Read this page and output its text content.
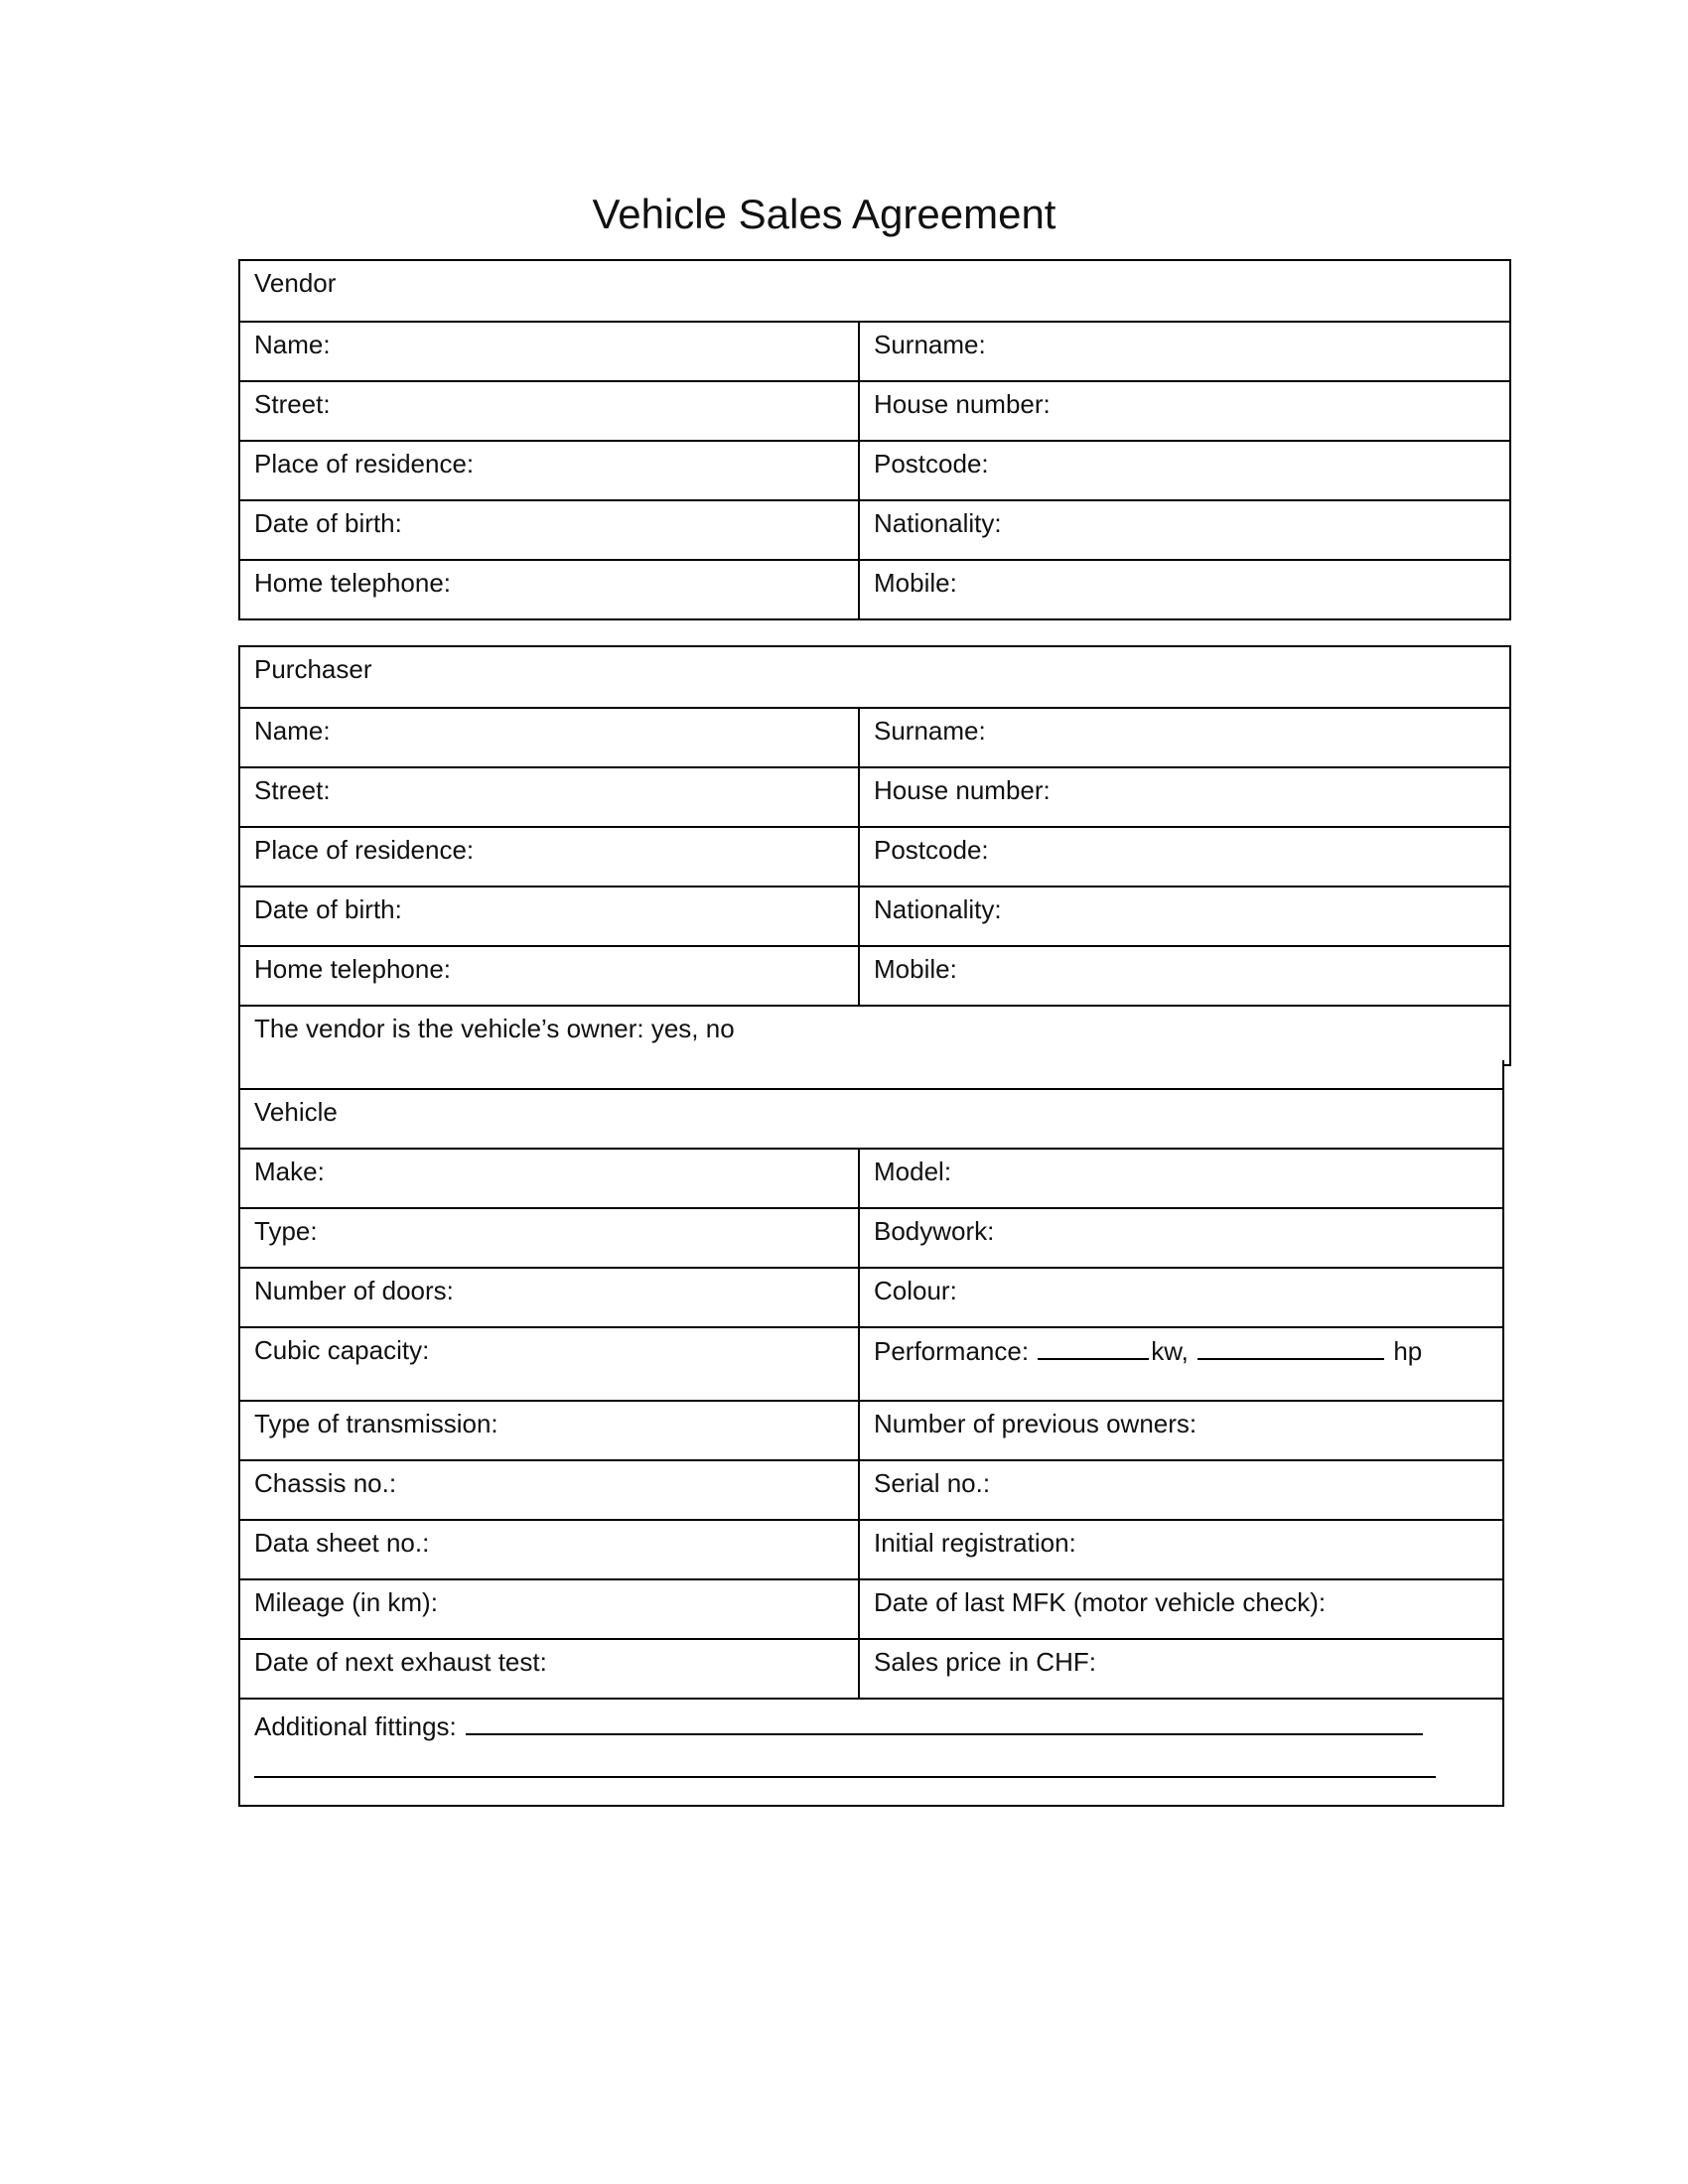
Vehicle Sales Agreement
Vendor
Name:	Surname:
Street:	House number:
Place of residence:	Postcode:
Date of birth:	Nationality:
Home telephone:	Mobile:
Purchaser
Name:	Surname:
Street:	House number:
Place of residence:	Postcode:
Date of birth:	Nationality:
Home telephone:	Mobile:
The vendor is the vehicle’s owner: yes, no
Vehicle
Make:	Model:
Type:	Bodywork:
Number of doors:	Colour:
Cubic capacity:	Performance:	kw,	hp
Type of transmission:	Number of previous owners:
Chassis no.:	Serial no.:
Data sheet no.:	Initial registration:
Mileage (in km):	Date of last MFK (motor vehicle check):
Date of next exhaust test:	Sales price in CHF:
Additional fittings:
